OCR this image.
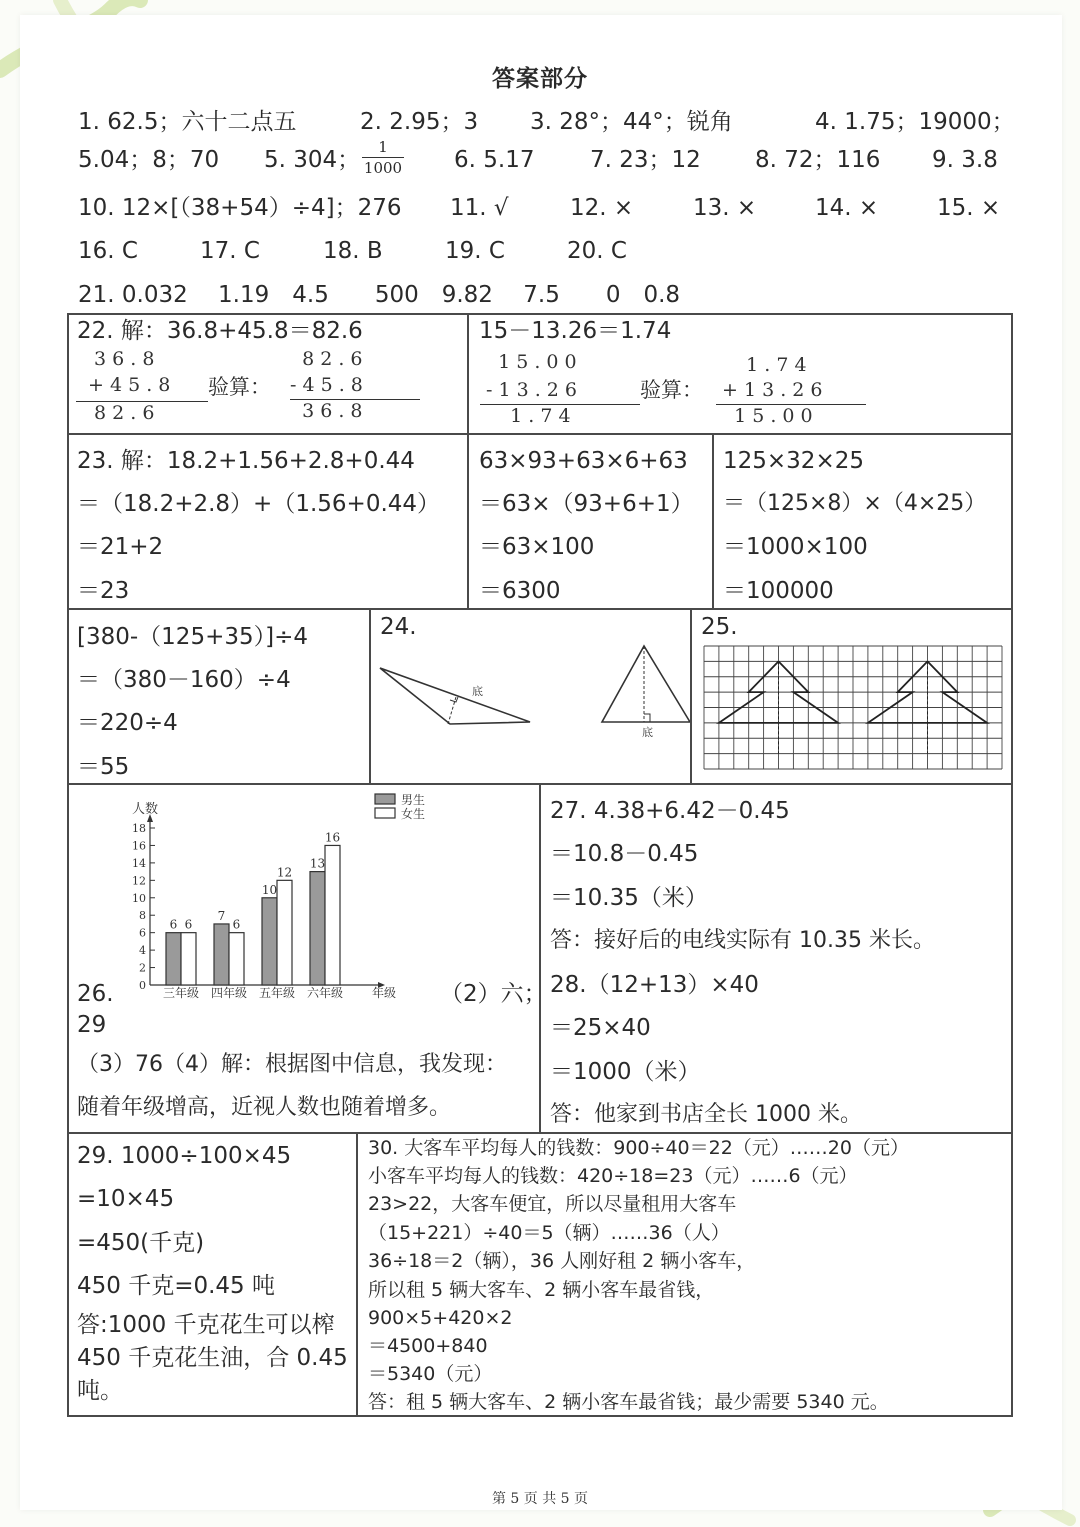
答案部分
1. 62.5；六十二点五	2. 2.95；3 3. 28°；44°；锐角	4. 1.75；19000；
5.04；8；70 5. 304；	1
1000 6. 5.17 7. 23；12 8. 72；116 9. 3.8
10. 12×[（38+54）÷4]；276 11. √	12. ×	13. ×	14. ×	15. ×
16. C	17. C	18. B	19. C	20. C
21. 0.032　 1.19　4.5　　500　9.82　 7.5　　0　0.8
22. 解：36.8+45.8＝82.6
3 6 . 8
+ 4 5 . 8
8 2 . 6
验算：
8 2 . 6
- 4 5 . 8
3 6 . 8
15－13.26＝1.74
1 5 . 0 0
- 1 3 . 2 6
1 . 7 4
验算：
1 . 7 4
+ 1 3 . 2 6
1 5 . 0 0
23. 解：18.2+1.56+2.8+0.44
＝（18.2+2.8）+（1.56+0.44）
＝21+2
＝23
63×93+63×6+63
＝63×（93+6+1）
＝63×100
＝6300
125×32×25
＝（125×8）×（4×25）
＝1000×100
＝100000
[380-（125+35）]÷4
＝（380－160）÷4
＝220÷4
＝55
24.
底
底
25.
人数
0
2
4
6
8
10
12
14
16
18
6 6
三年级
7
6
四年级
10
12
五年级
13
16
六年级 年级
男生
女生
26.
29
（2）六；
（3）76（4）解：根据图中信息，我发现：
随着年级增高，近视人数也随着增多。
27. 4.38+6.42－0.45
＝10.8－0.45
＝10.35（米）
答：接好后的电线实际有 10.35 米长。
28.（12+13）×40
＝25×40
＝1000（米）
答：他家到书店全长 1000 米。
29. 1000÷100×45
=10×45
=450(千克)
450 千克=0.45 吨
答:1000 千克花生可以榨
450 千克花生油，合 0.45
吨。
30. 大客车平均每人的钱数：900÷40＝22（元）……20（元）
小客车平均每人的钱数：420÷18=23（元）……6（元）
23>22，大客车便宜，所以尽量租用大客车
（15+221）÷40＝5（辆）……36（人）
36÷18＝2（辆），36 人刚好租 2 辆小客车，
所以租 5 辆大客车、2 辆小客车最省钱，
900×5+420×2
＝4500+840
＝5340（元）
答：租 5 辆大客车、2 辆小客车最省钱；最少需要 5340 元。
第 5 页 共 5 页
